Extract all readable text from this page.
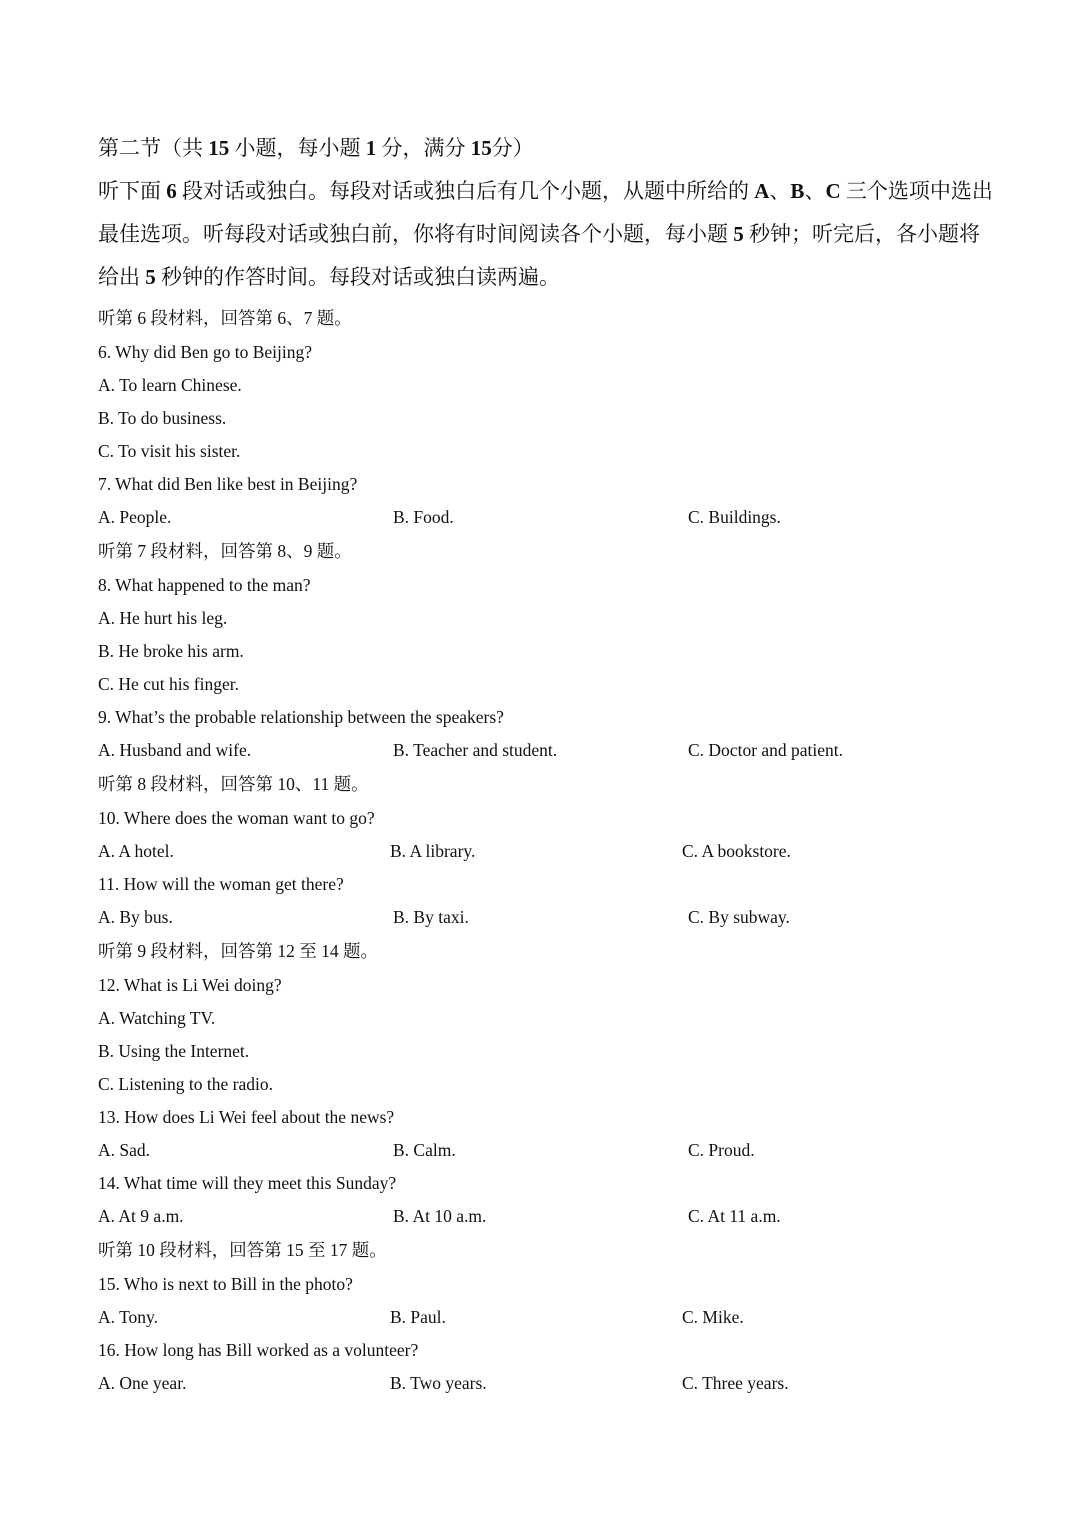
第二节（共 15 小题，每小题 1 分，满分 15分）

听下面 6 段对话或独白。每段对话或独白后有几个小题，从题中所给的 A、B、C 三个选项中选出最佳选项。听每段对话或独白前，你将有时间阅读各个小题，每小题 5 秒钟；听完后，各小题将给出 5 秒钟的作答时间。每段对话或独白读两遍。

听第 6 段材料，回答第 6、7 题。
6. Why did Ben go to Beijing?
A. To learn Chinese.
B. To do business.
C. To visit his sister.
7. What did Ben like best in Beijing?
A. People.	B. Food.	C. Buildings.
听第 7 段材料，回答第 8、9 题。
8. What happened to the man?
A. He hurt his leg.
B. He broke his arm.
C. He cut his finger.
9. What’s the probable relationship between the speakers?
A. Husband and wife.	B. Teacher and student.	C. Doctor and patient.
听第 8 段材料，回答第 10、11 题。
10. Where does the woman want to go?
A. A hotel.	B. A library.	C. A bookstore.
11. How will the woman get there?
A. By bus.	B. By taxi.	C. By subway.
听第 9 段材料，回答第 12 至 14 题。
12. What is Li Wei doing?
A. Watching TV.
B. Using the Internet.
C. Listening to the radio.
13. How does Li Wei feel about the news?
A. Sad.	B. Calm.	C. Proud.
14. What time will they meet this Sunday?
A. At 9 a.m.	B. At 10 a.m.	C. At 11 a.m.
听第 10 段材料，回答第 15 至 17 题。
15. Who is next to Bill in the photo?
A. Tony.	B. Paul.	C. Mike.
16. How long has Bill worked as a volunteer?
A. One year.	B. Two years.	C. Three years.
